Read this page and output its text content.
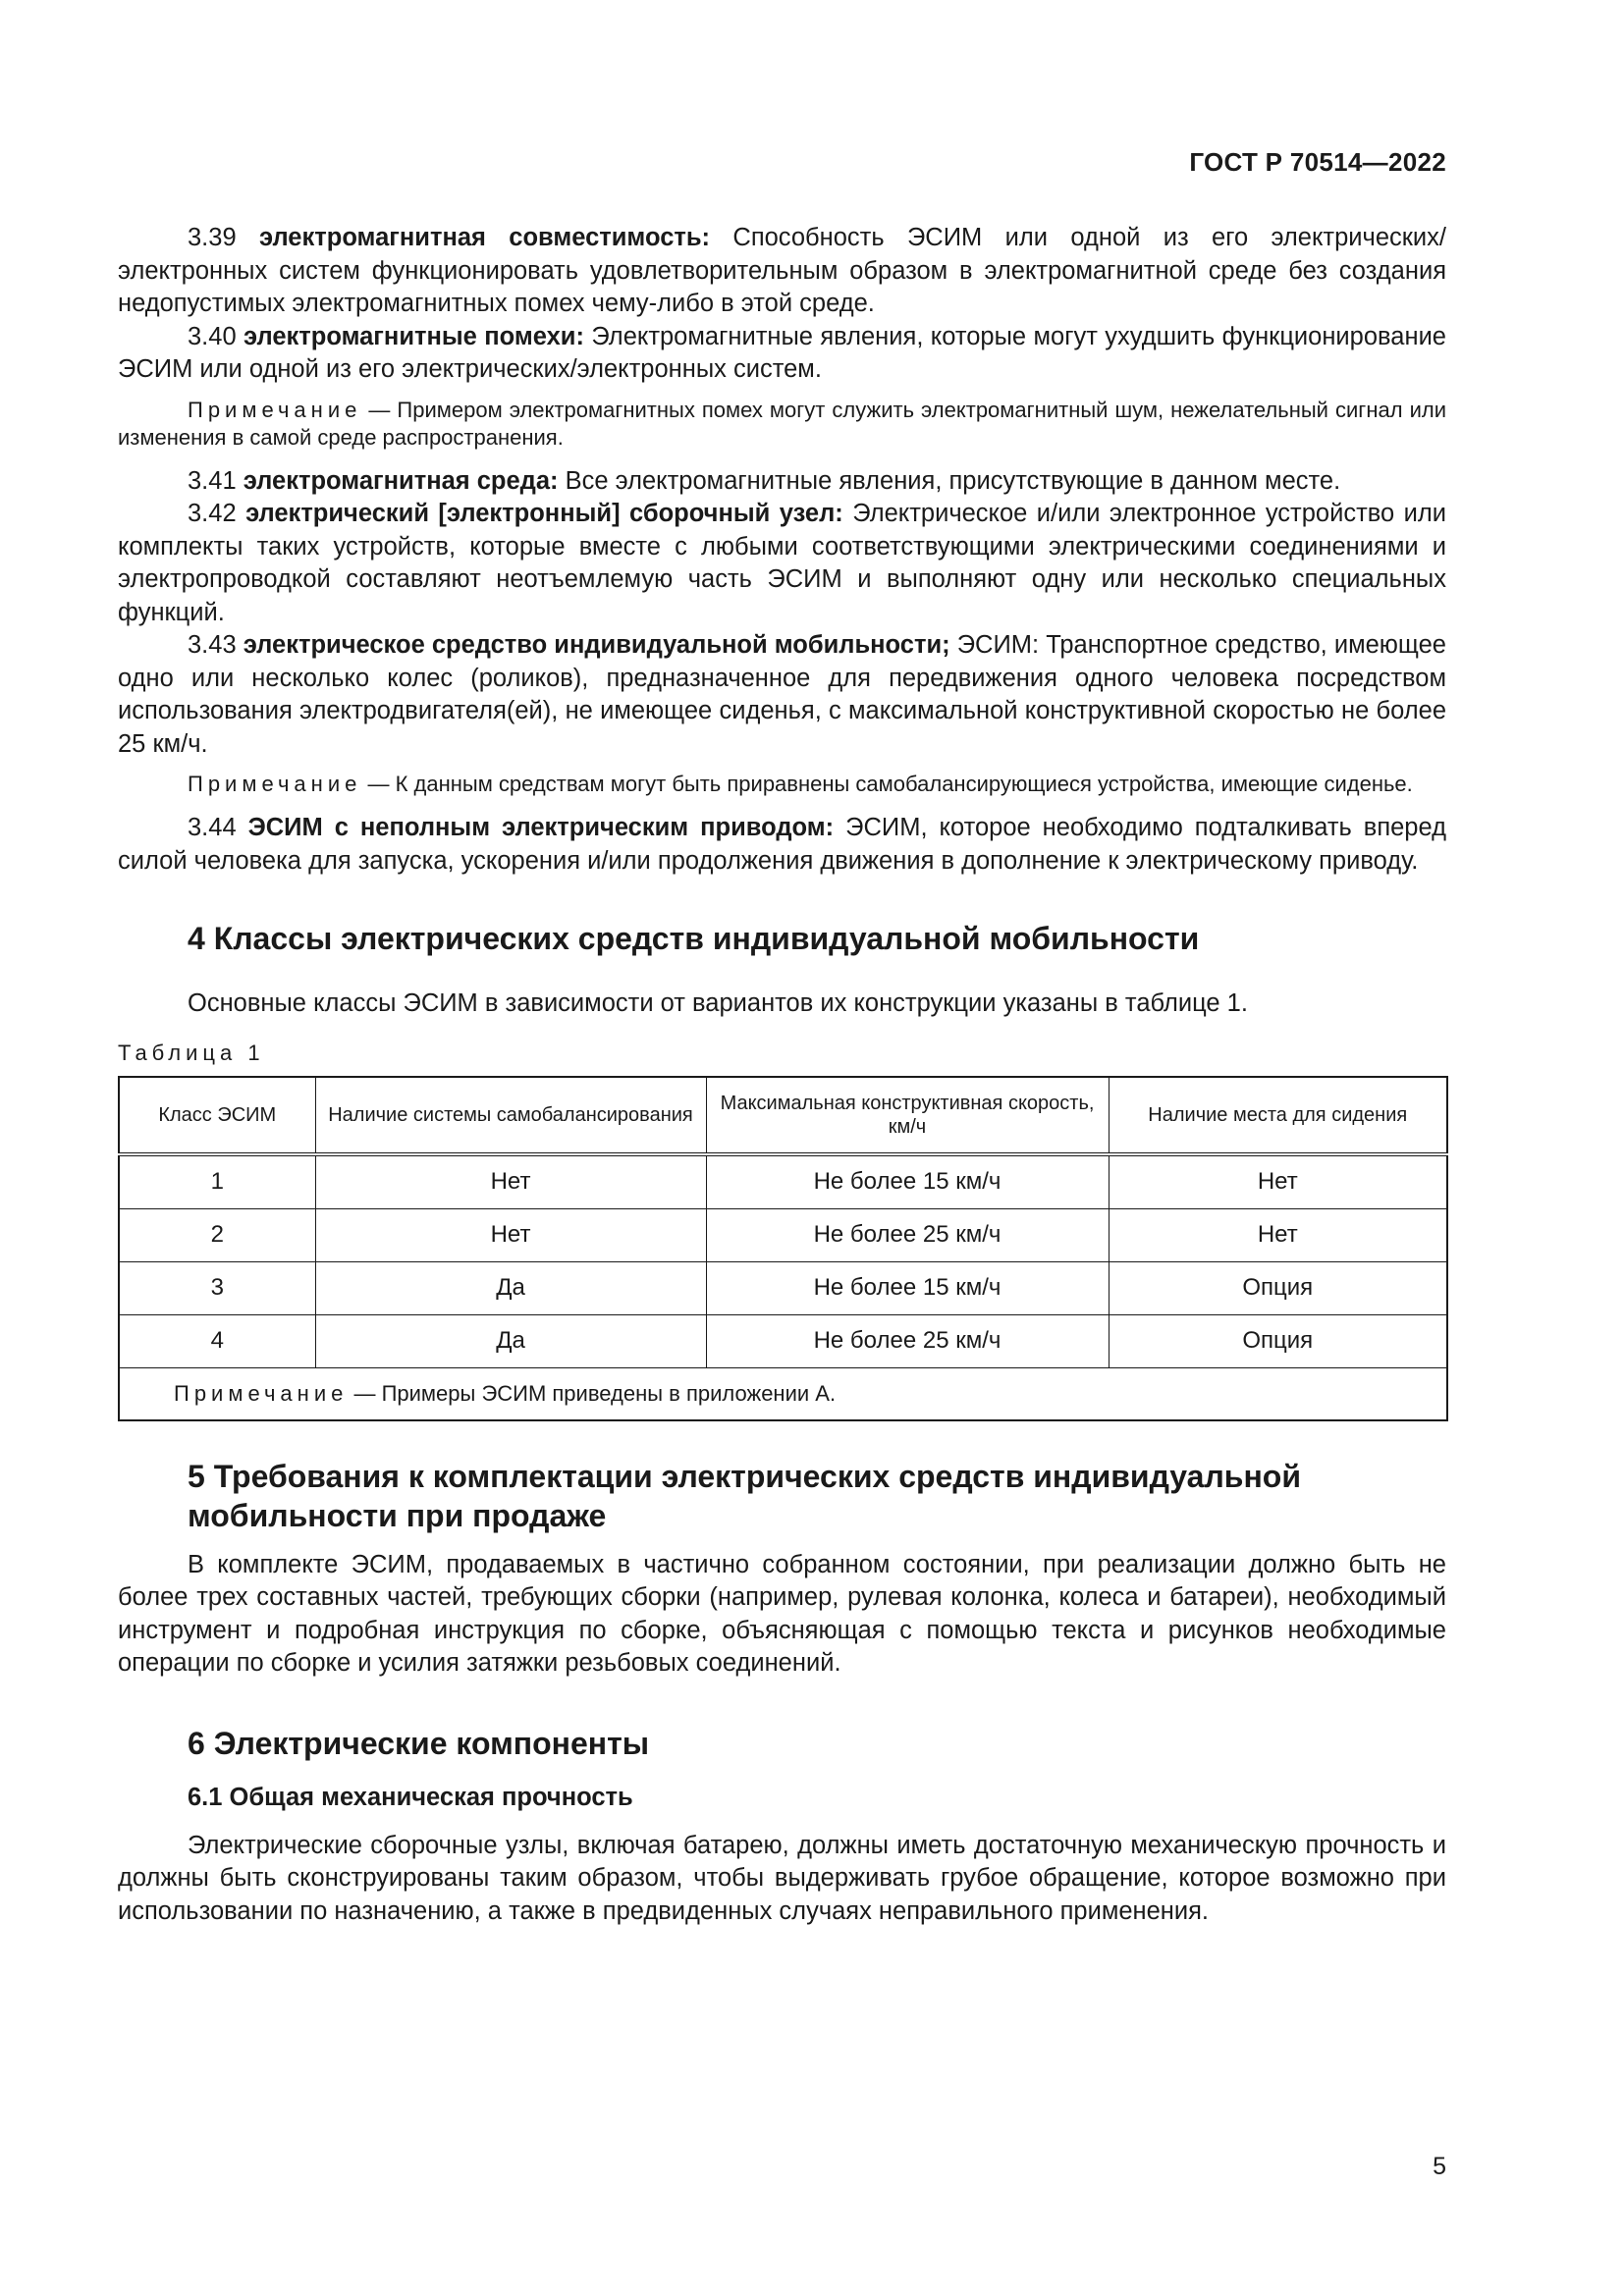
ГОСТ Р 70514—2022

3.39 электромагнитная совместимость: Способность ЭСИМ или одной из его электрических/электронных систем функционировать удовлетворительным образом в электромагнитной среде без создания недопустимых электромагнитных помех чему-либо в этой среде.

3.40 электромагнитные помехи: Электромагнитные явления, которые могут ухудшить функционирование ЭСИМ или одной из его электрических/электронных систем.

Примечание — Примером электромагнитных помех могут служить электромагнитный шум, нежелательный сигнал или изменения в самой среде распространения.

3.41 электромагнитная среда: Все электромагнитные явления, присутствующие в данном месте.

3.42 электрический [электронный] сборочный узел: Электрическое и/или электронное устройство или комплекты таких устройств, которые вместе с любыми соответствующими электрическими соединениями и электропроводкой составляют неотъемлемую часть ЭСИМ и выполняют одну или несколько специальных функций.

3.43 электрическое средство индивидуальной мобильности; ЭСИМ: Транспортное средство, имеющее одно или несколько колес (роликов), предназначенное для передвижения одного человека посредством использования электродвигателя(ей), не имеющее сиденья, с максимальной конструктивной скоростью не более 25 км/ч.

Примечание — К данным средствам могут быть приравнены самобалансирующиеся устройства, имеющие сиденье.

3.44 ЭСИМ с неполным электрическим приводом: ЭСИМ, которое необходимо подталкивать вперед силой человека для запуска, ускорения и/или продолжения движения в дополнение к электрическому приводу.

4 Классы электрических средств индивидуальной мобильности

Основные классы ЭСИМ в зависимости от вариантов их конструкции указаны в таблице 1.

Таблица 1

Класс ЭСИМ	Наличие системы самобалансирования	Максимальная конструктивная скорость, км/ч	Наличие места для сидения
1	Нет	Не более 15 км/ч	Нет
2	Нет	Не более 25 км/ч	Нет
3	Да	Не более 15 км/ч	Опция
4	Да	Не более 25 км/ч	Опция
Примечание — Примеры ЭСИМ приведены в приложении А.			
5 Требования к комплектации электрических средств индивидуальной мобильности при продаже

В комплекте ЭСИМ, продаваемых в частично собранном состоянии, при реализации должно быть не более трех составных частей, требующих сборки (например, рулевая колонка, колеса и батареи), необходимый инструмент и подробная инструкция по сборке, объясняющая с помощью текста и рисунков необходимые операции по сборке и усилия затяжки резьбовых соединений.

6 Электрические компоненты
6.1 Общая механическая прочность

Электрические сборочные узлы, включая батарею, должны иметь достаточную механическую прочность и должны быть сконструированы таким образом, чтобы выдерживать грубое обращение, которое возможно при использовании по назначению, а также в предвиденных случаях неправильного применения.

5
